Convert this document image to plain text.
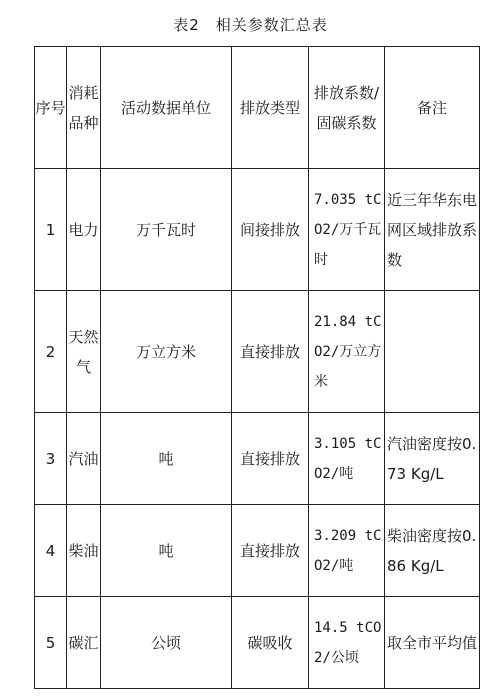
表2　相关参数汇总表
序号	消耗品种	活动数据单位	排放类型	排放系数/固碳系数	备注
1	电力	万千瓦时	间接排放	7.035 tCO2/万千瓦时	近三年华东电网区域排放系数
2	天然气	万立方米	直接排放	21.84 tCO2/万立方米	
3	汽油	吨	直接排放	3.105 tCO2/吨	汽油密度按0.73 Kg/L
4	柴油	吨	直接排放	3.209 tCO2/吨	柴油密度按0.86 Kg/L
5	碳汇	公顷	碳吸收	14.5 tCO2/公顷	取全市平均值
